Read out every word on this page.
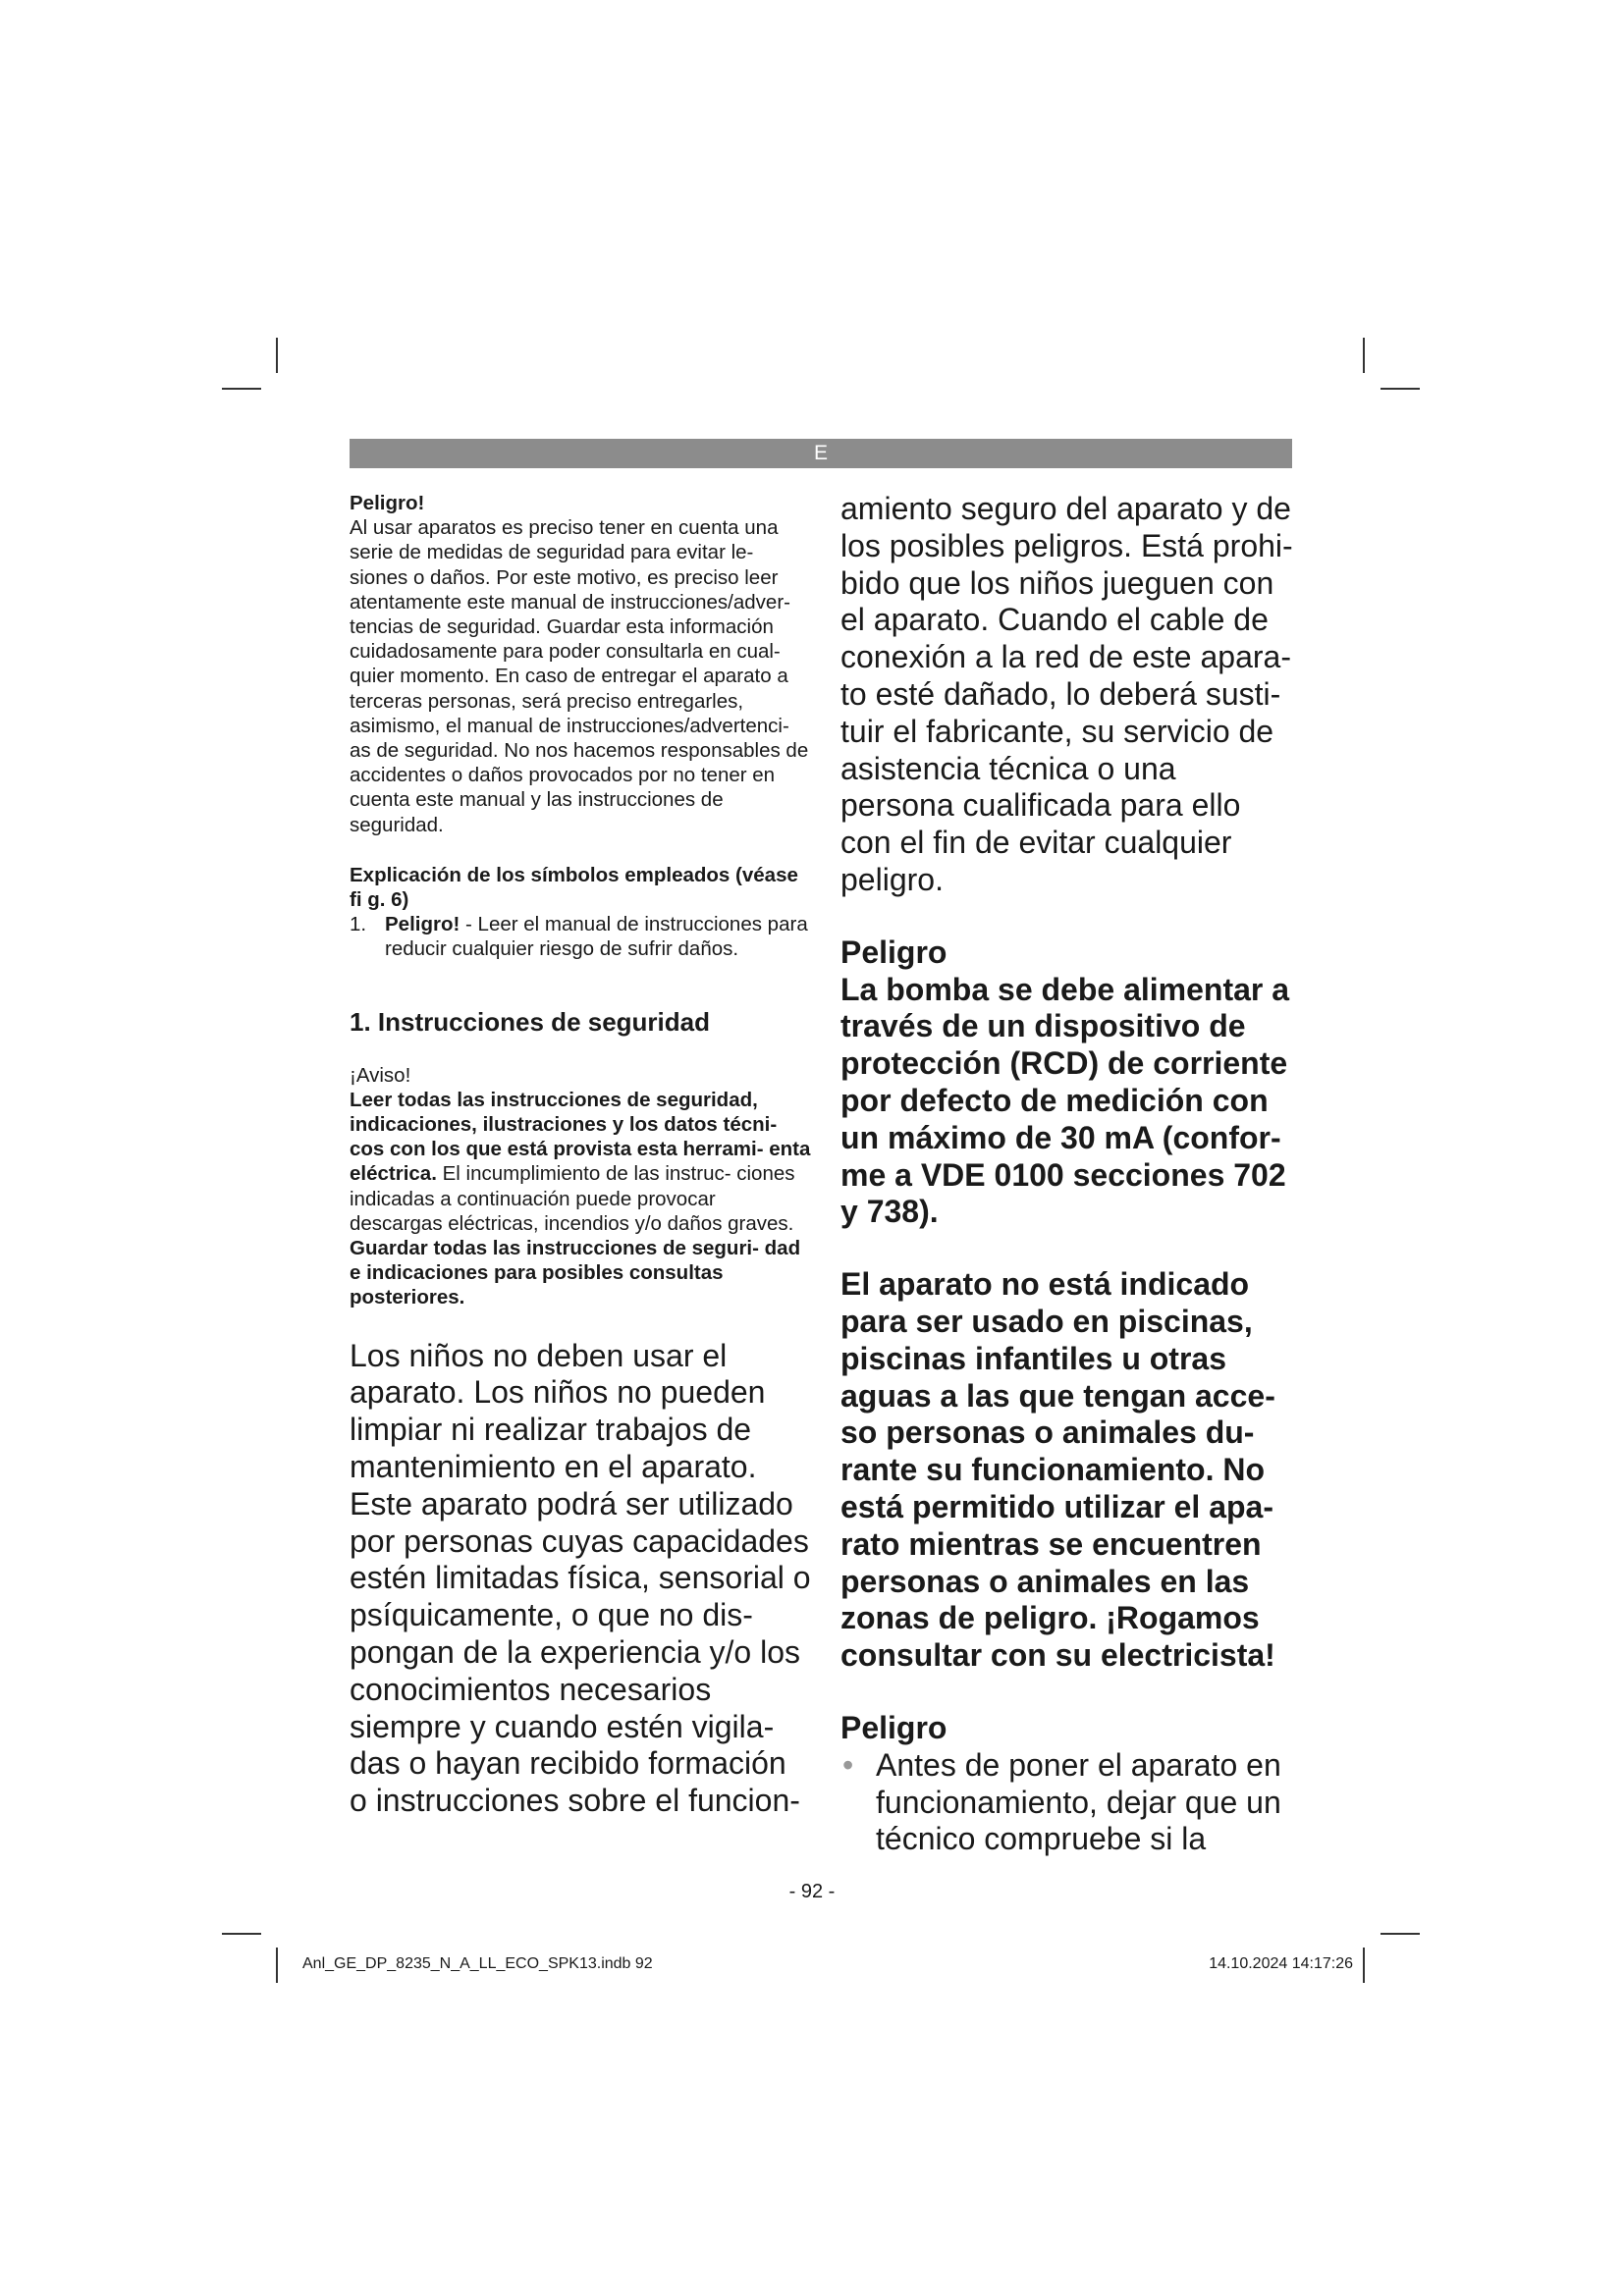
E

Peligro!

Al usar aparatos es preciso tener en cuenta una serie de medidas de seguridad para evitar le- siones o daños. Por este motivo, es preciso leer atentamente este manual de instrucciones/adver- tencias de seguridad. Guardar esta información cuidadosamente para poder consultarla en cual- quier momento. En caso de entregar el aparato a terceras personas, será preciso entregarles, asimismo, el manual de instrucciones/advertenci- as de seguridad. No nos hacemos responsables de accidentes o daños provocados por no tener en cuenta este manual y las instrucciones de seguridad.

Explicación de los símbolos empleados (véase fi g. 6)

1. Peligro! - Leer el manual de instrucciones para reducir cualquier riesgo de sufrir daños.

1. Instrucciones de seguridad

¡Aviso!

Leer todas las instrucciones de seguridad, indicaciones, ilustraciones y los datos técni- cos con los que está provista esta herrami- enta eléctrica. El incumplimiento de las instruc- ciones indicadas a continuación puede provocar descargas eléctricas, incendios y/o daños graves. Guardar todas las instrucciones de seguri- dad e indicaciones para posibles consultas posteriores.

Los niños no deben usar el aparato. Los niños no pueden limpiar ni realizar trabajos de mantenimiento en el aparato. Este aparato podrá ser utilizado por personas cuyas capacidades estén limitadas física, sensorial o psíquicamente, o que no dis- pongan de la experiencia y/o los conocimientos necesarios siempre y cuando estén vigila- das o hayan recibido formación o instrucciones sobre el funcion-

amiento seguro del aparato y de los posibles peligros. Está prohi- bido que los niños jueguen con el aparato. Cuando el cable de conexión a la red de este apara- to esté dañado, lo deberá susti- tuir el fabricante, su servicio de asistencia técnica o una persona cualificada para ello con el fin de evitar cualquier peligro.

Peligro

La bomba se debe alimentar a través de un dispositivo de protección (RCD) de corriente por defecto de medición con un máximo de 30 mA (confor- me a VDE 0100 secciones 702 y 738).

El aparato no está indicado para ser usado en piscinas, piscinas infantiles u otras aguas a las que tengan acce- so personas o animales du- rante su funcionamiento. No está permitido utilizar el apa- rato mientras se encuentren personas o animales en las zonas de peligro. ¡Rogamos consultar con su electricista!

Peligro

• Antes de poner el aparato en funcionamiento, dejar que un técnico compruebe si la
- 92 -
Anl_GE_DP_8235_N_A_LL_ECO_SPK13.indb 92	14.10.2024 14:17:26
